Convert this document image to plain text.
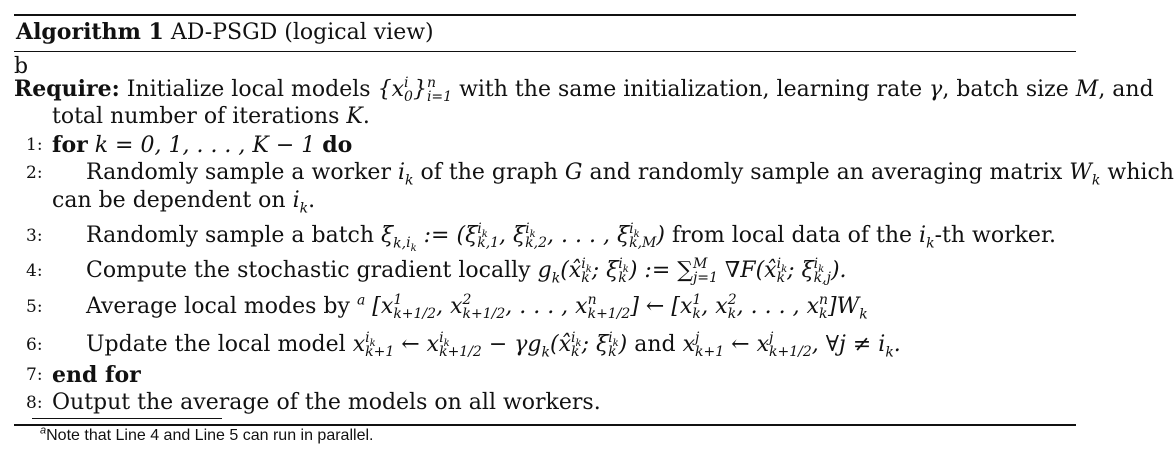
Algorithm 1 AD-PSGD (logical view)
b
Require: Initialize local models {x i
0 } n
i=1 with the same initialization, learning rate γ, batch size M, and
total number of iterations K.
1: for k = 0, 1, . . . , K − 1 do
2:	Randomly sample a worker $i_k$ of the graph G and randomly sample an averaging matrix $W_k$ which
can be dependent on $i_k$.
3:	Randomly sample a batch $\xi_{k,i_k}$ := (ξ $i_k$
k,1 , ξ $i_k$
k,2 , . . . , ξ $i_k$
k,M ) from local data of the $i_k-th$ worker.
4:	Compute the stochastic gradient locally $g_k(x̂$ $i_k$
k ; ξ $i_k$
k ) := ∑ M
j=1 ∇F(x̂ $i_k$
k ; ξ $i_k$
k,j ).
5:	Average local modes by $^a$ [x 1
k+1/2 , x 2
k+1/2 , . . . , x n
k+1/2 ] ← [x 1
k , x 2
k , . . . , x n
k ]$W_k$
6:	Update the local model x $i_k$
k+1 ← x $i_k$
$k+1/2 - \gamma g_k(x̂$ $i_k$
k ; ξ $i_k$
k ) and x j
k+1 ← x j
k+1/2 , ∀j ≠ $i_k$.
7: end for
8: Output the average of the models on all workers.
$^a$Note that Line 4 and Line 5 can run in parallel.
